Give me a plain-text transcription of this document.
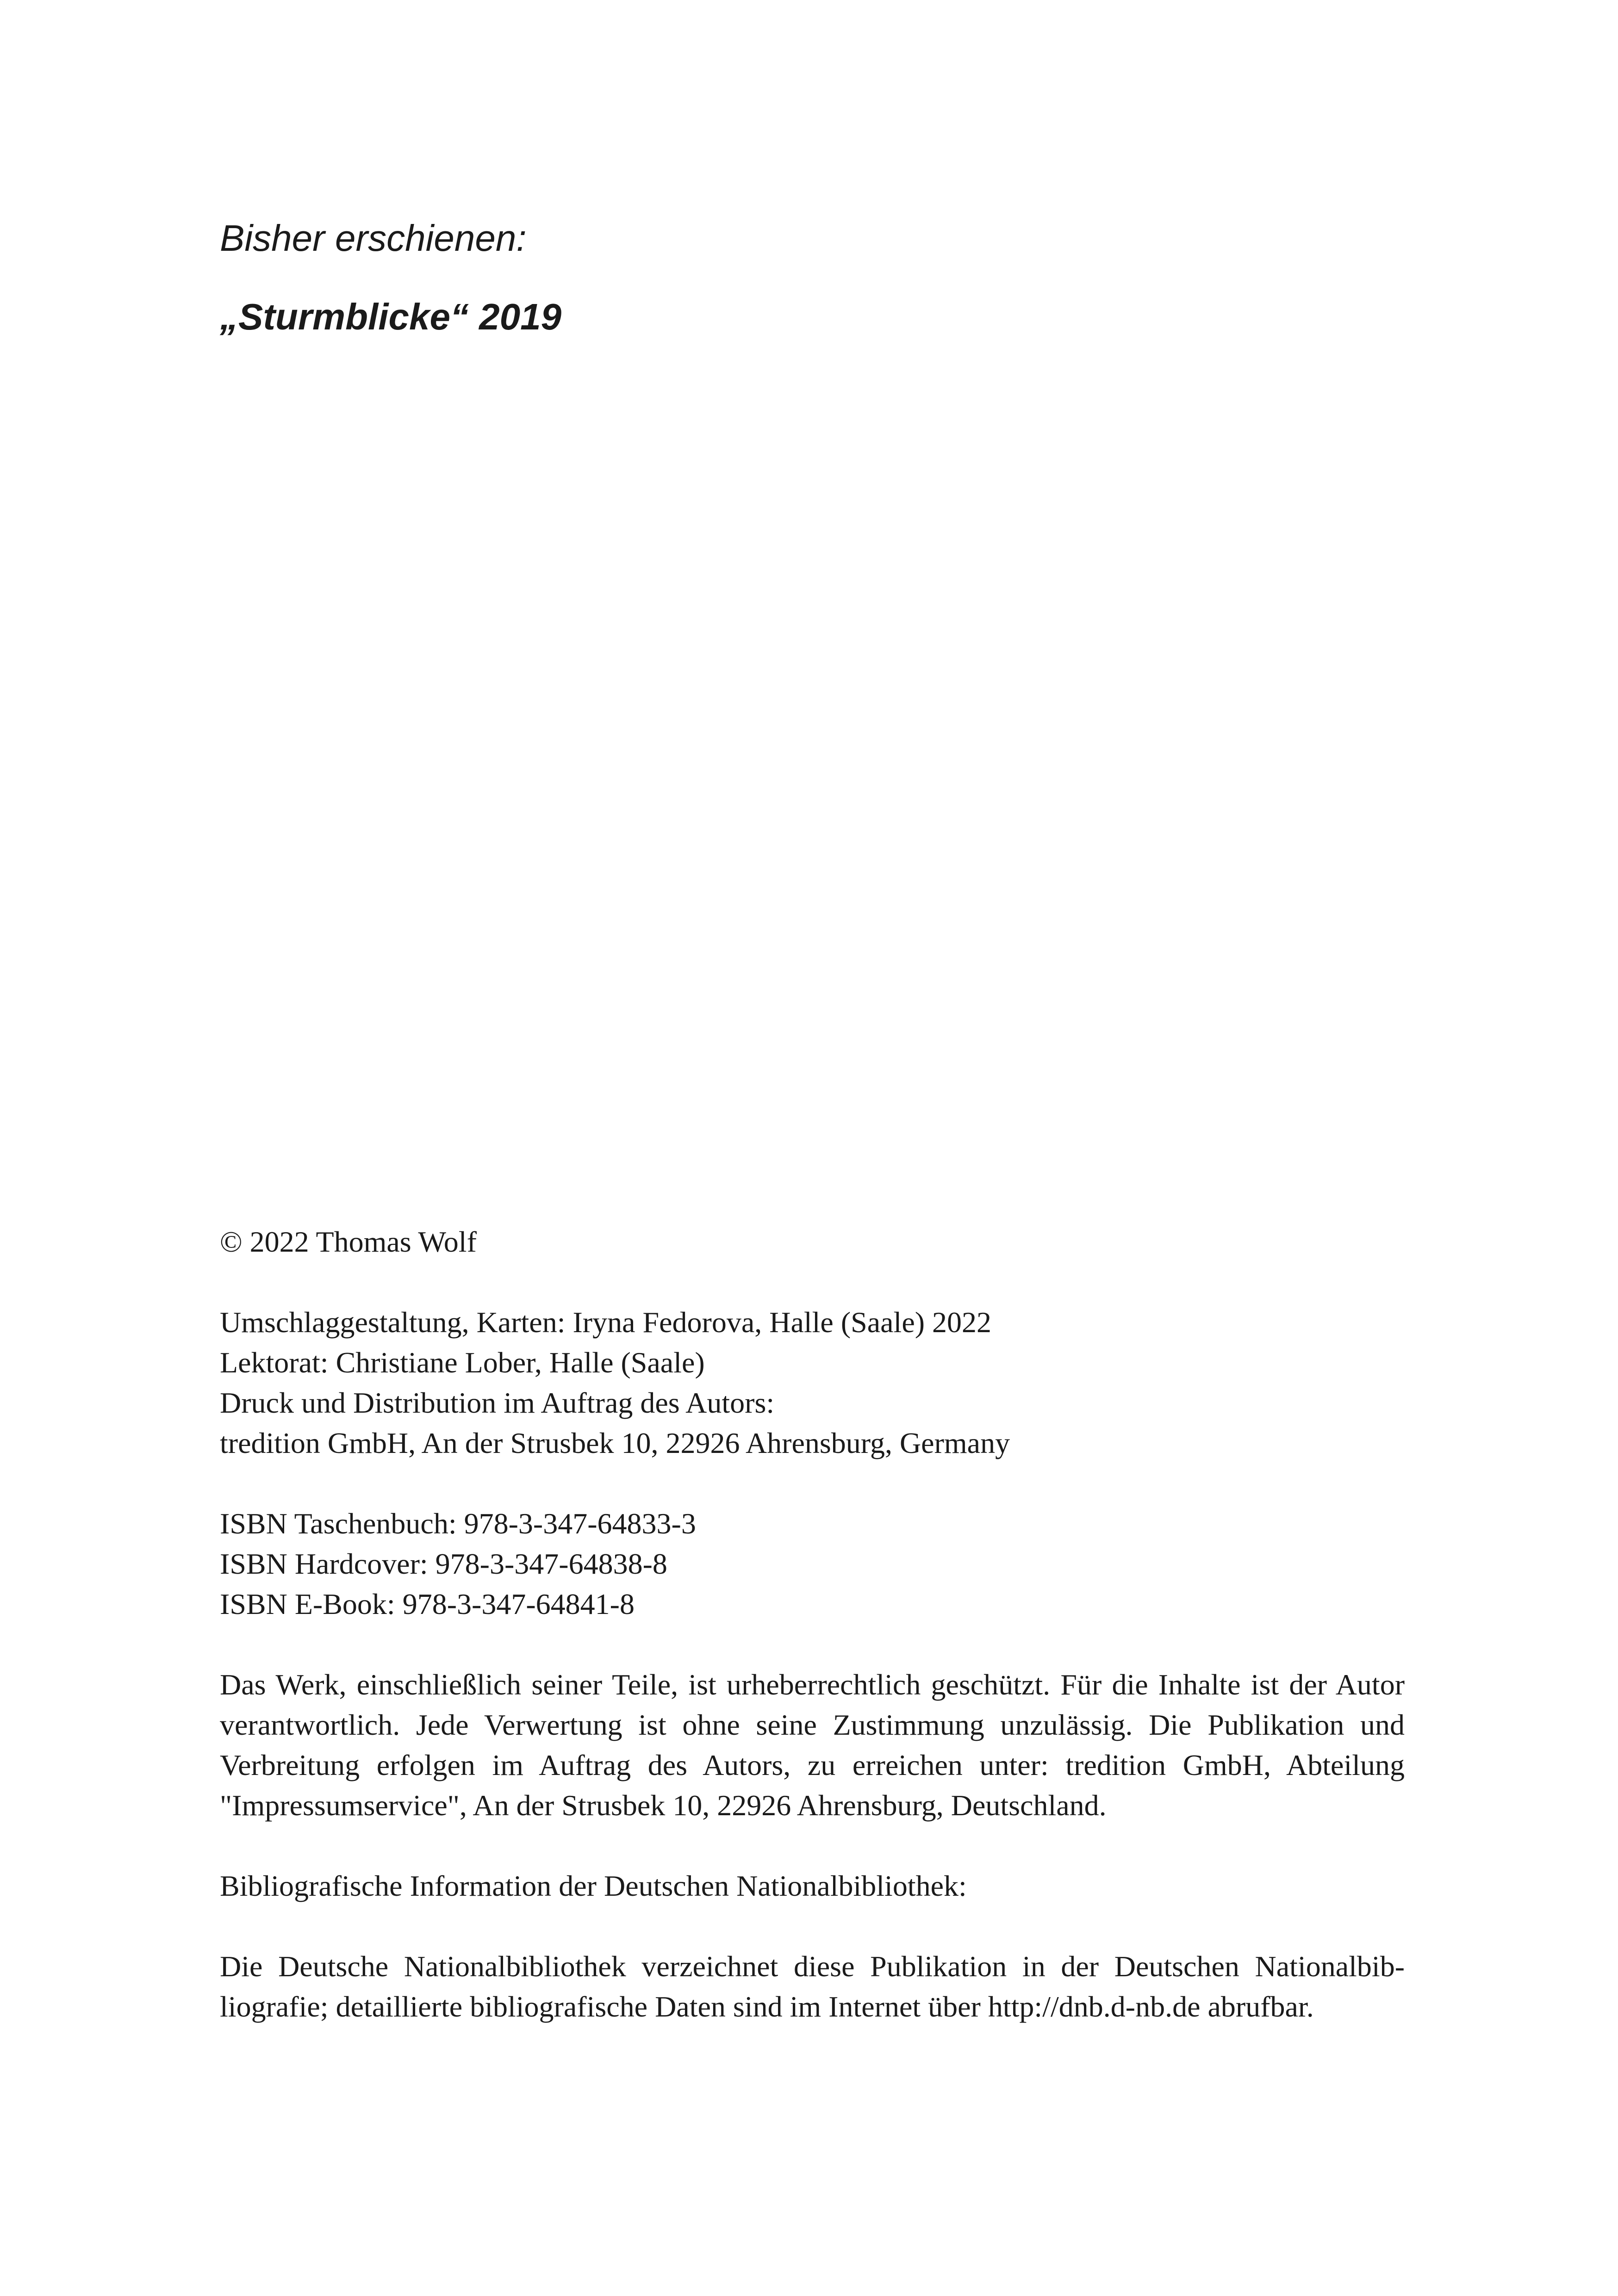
Bisher erschienen:

„Sturmblicke“ 2019

© 2022 Thomas Wolf

Umschlaggestaltung, Karten: Iryna Fedorova, Halle (Saale) 2022

Lektorat: Christiane Lober, Halle (Saale)

Druck und Distribution im Auftrag des Autors:

tredition GmbH, An der Strusbek 10, 22926 Ahrensburg, Germany

ISBN Taschenbuch: 978-3-347-64833-3

ISBN Hardcover: 978-3-347-64838-8

ISBN E-Book: 978-3-347-64841-8

Das Werk, einschließlich seiner Teile, ist urheberrechtlich geschützt. Für die Inhalte ist der Autor verantwortlich. Jede Verwertung ist ohne seine Zustimmung unzulässig. Die Publikation und Verbreitung erfolgen im Auftrag des Autors, zu erreichen unter: tredition GmbH, Abteilung "Impressumservice", An der Strusbek 10, 22926 Ahrensburg, Deutschland.

Bibliografische Information der Deutschen Nationalbibliothek:

Die Deutsche Nationalbibliothek verzeichnet diese Publikation in der Deutschen Nationalbibliografie; detaillierte bibliografische Daten sind im Internet über http://dnb.d-nb.de abrufbar.
